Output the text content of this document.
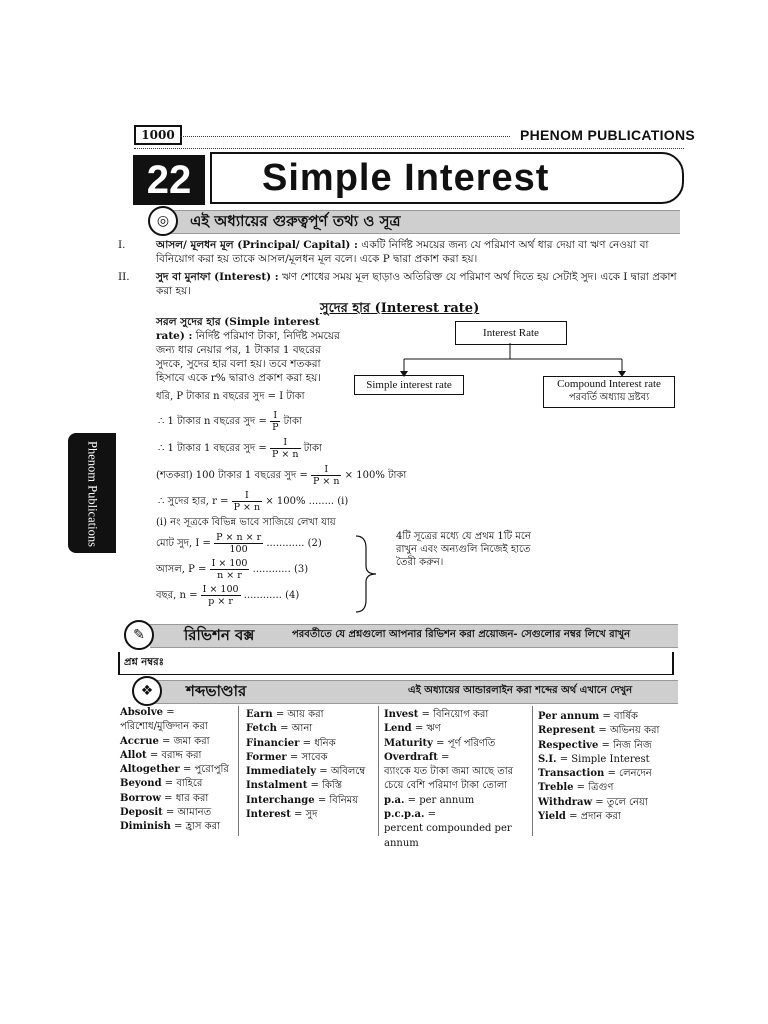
1000	PHENOM PUBLICATIONS
22	Simple Interest
◎	এই অধ্যায়ের গুরুত্বপূর্ণ তথ্য ও সূত্র
I.	আসল/ মূলধন মূল (Principal/ Capital) : একটি নির্দিষ্ট সময়ের জন্য যে পরিমাণ অর্থ ধার দেয়া বা ঋণ নেওয়া বা বিনিয়োগ করা হয় তাকে আসল/মূলধন মূল বলে। একে P দ্বারা প্রকাশ করা হয়।
II.	সুদ বা মুনাফা (Interest) : ঋণ শোধের সময় মূল ছাড়াও অতিরিক্ত যে পরিমাণ অর্থ দিতে হয় সেটাই সুদ। একে I দ্বারা প্রকাশ করা হয়।
সুদের হার (Interest rate)
সরল সুদের হার (Simple interest rate) : নির্দিষ্ট পরিমাণ টাকা, নির্দিষ্ট সময়ের জন্য ধার নেয়ার পর, 1 টাকার 1 বছরের সুদকে, সুদের হার বলা হয়। তবে শতকরা হিসাবে একে r% দ্বারাও প্রকাশ করা হয়।
Interest Rate
Simple interest rate	Compound Interest rate
পরবর্তি অধ্যায় দ্রষ্টব্য
ধরি, P টাকার n বছরের সুদ = I টাকা
∴ 1 টাকার n বছরের সুদ = $\frac{I}{P}$ টাকা
∴ 1 টাকার 1 বছরের সুদ = $\frac{I}{P \times n}$ টাকা
(শতকরা) 100 টাকার 1 বছরের সুদ = $\frac{I}{P \times n} \times 100\%$ টাকা
∴ সুদের হার, $r = \frac{I}{P \times n} \times 100\%$ ........ (i)
(i) নং সূত্রকে বিভিন্ন ভাবে সাজিয়ে লেখা যায়
মোট সুদ, $I = \frac{P \times n \times r}{100}$ ............ (2)
আসল, $P = \frac{I \times 100}{n \times r}$ ............ (3)
বছর, $n = \frac{I \times 100}{p \times r}$ ............ (4)
4টি সূত্রের মধ্যে যে প্রথম 1টি মনে রাখুন এবং অন্যগুলি নিজেই হাতে তৈরী করুন।
Phenom Publications
✎	রিভিশন বক্স	পরবর্তীতে যে প্রশ্নগুলো আপনার রিভিশন করা প্রয়োজন- সেগুলোর নম্বর লিখে রাখুন
প্রশ্ন নম্বরঃ
❖	শব্দভাণ্ডার	এই অধ্যায়ের আন্ডারলাইন করা শব্দের অর্থ এখানে দেখুন
Absolve =
পরিশোধ/মুক্তিদান করা
Accrue = জমা করা
Allot = বরাদ্দ করা
Altogether = পুরোপুরি
Beyond = বাহিরে
Borrow = ধার করা
Deposit = আমানত
Diminish = হ্রাস করা
Earn = আয় করা
Fetch = আনা
Financier = ধনিক
Former = সাবেক
Immediately = অবিলম্বে
Instalment = কিস্তি
Interchange = বিনিময়
Interest = সুদ
Invest = বিনিয়োগ করা
Lend = ঋণ
Maturity = পূর্ণ পরিণতি
Overdraft =
ব্যাংকে যত টাকা জমা আছে তার চেয়ে বেশি পরিমাণ টাকা তোলা
p.a. = per annum
p.c.p.a. =
percent compounded per annum
Per annum = বার্ষিক
Represent = অভিনয় করা
Respective = নিজ নিজ
S.I. = Simple Interest
Transaction = লেনদেন
Treble = ত্রিগুণ
Withdraw = তুলে নেয়া
Yield = প্রদান করা
